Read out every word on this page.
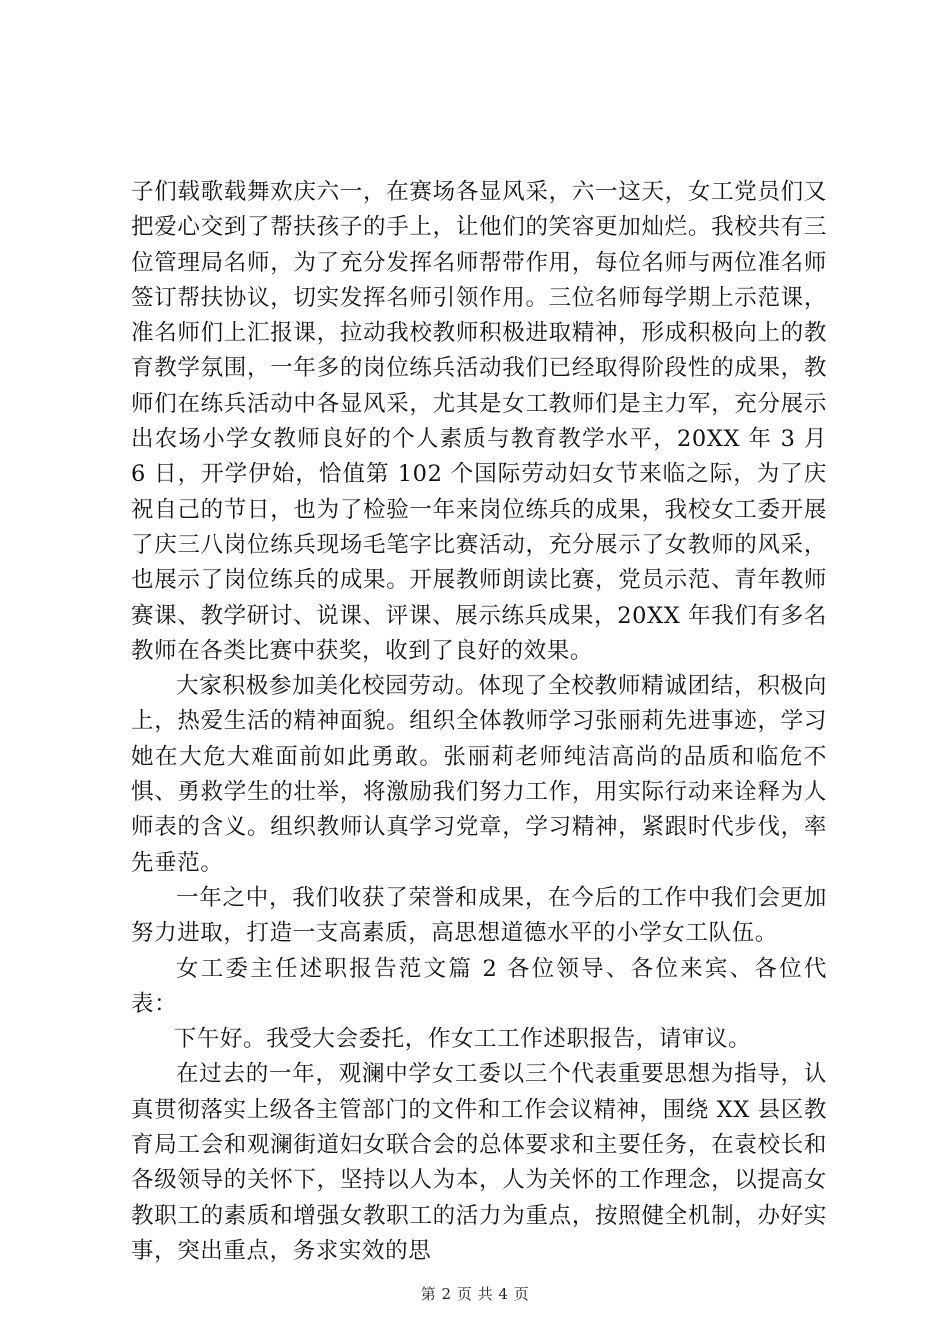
子们载歌载舞欢庆六一，在赛场各显风采，六一这天，女工党员们又把爱心交到了帮扶孩子的手上，让他们的笑容更加灿烂。我校共有三位管理局名师，为了充分发挥名师帮带作用，每位名师与两位准名师签订帮扶协议，切实发挥名师引领作用。三位名师每学期上示范课，准名师们上汇报课，拉动我校教师积极进取精神，形成积极向上的教育教学氛围，一年多的岗位练兵活动我们已经取得阶段性的成果，教师们在练兵活动中各显风采，尤其是女工教师们是主力军，充分展示出农场小学女教师良好的个人素质与教育教学水平，20XX 年 3 月 6 日，开学伊始，恰值第 102 个国际劳动妇女节来临之际，为了庆祝自己的节日，也为了检验一年来岗位练兵的成果，我校女工委开展了庆三八岗位练兵现场毛笔字比赛活动，充分展示了女教师的风采，也展示了岗位练兵的成果。开展教师朗读比赛，党员示范、青年教师赛课、教学研讨、说课、评课、展示练兵成果，20XX 年我们有多名教师在各类比赛中获奖，收到了良好的效果。

大家积极参加美化校园劳动。体现了全校教师精诚团结，积极向上，热爱生活的精神面貌。组织全体教师学习张丽莉先进事迹，学习她在大危大难面前如此勇敢。张丽莉老师纯洁高尚的品质和临危不惧、勇救学生的壮举，将激励我们努力工作，用实际行动来诠释为人师表的含义。组织教师认真学习党章，学习精神，紧跟时代步伐，率先垂范。

一年之中，我们收获了荣誉和成果，在今后的工作中我们会更加努力进取，打造一支高素质，高思想道德水平的小学女工队伍。

女工委主任述职报告范文篇 2 各位领导、各位来宾、各位代表：

下午好。我受大会委托，作女工工作述职报告，请审议。

在过去的一年，观澜中学女工委以三个代表重要思想为指导，认真贯彻落实上级各主管部门的文件和工作会议精神，围绕 XX 县区教育局工会和观澜街道妇女联合会的总体要求和主要任务，在袁校长和各级领导的关怀下，坚持以人为本，人为关怀的工作理念，以提高女教职工的素质和增强女教职工的活力为重点，按照健全机制，办好实事，突出重点，务求实效的思

第 2 页 共 4 页
